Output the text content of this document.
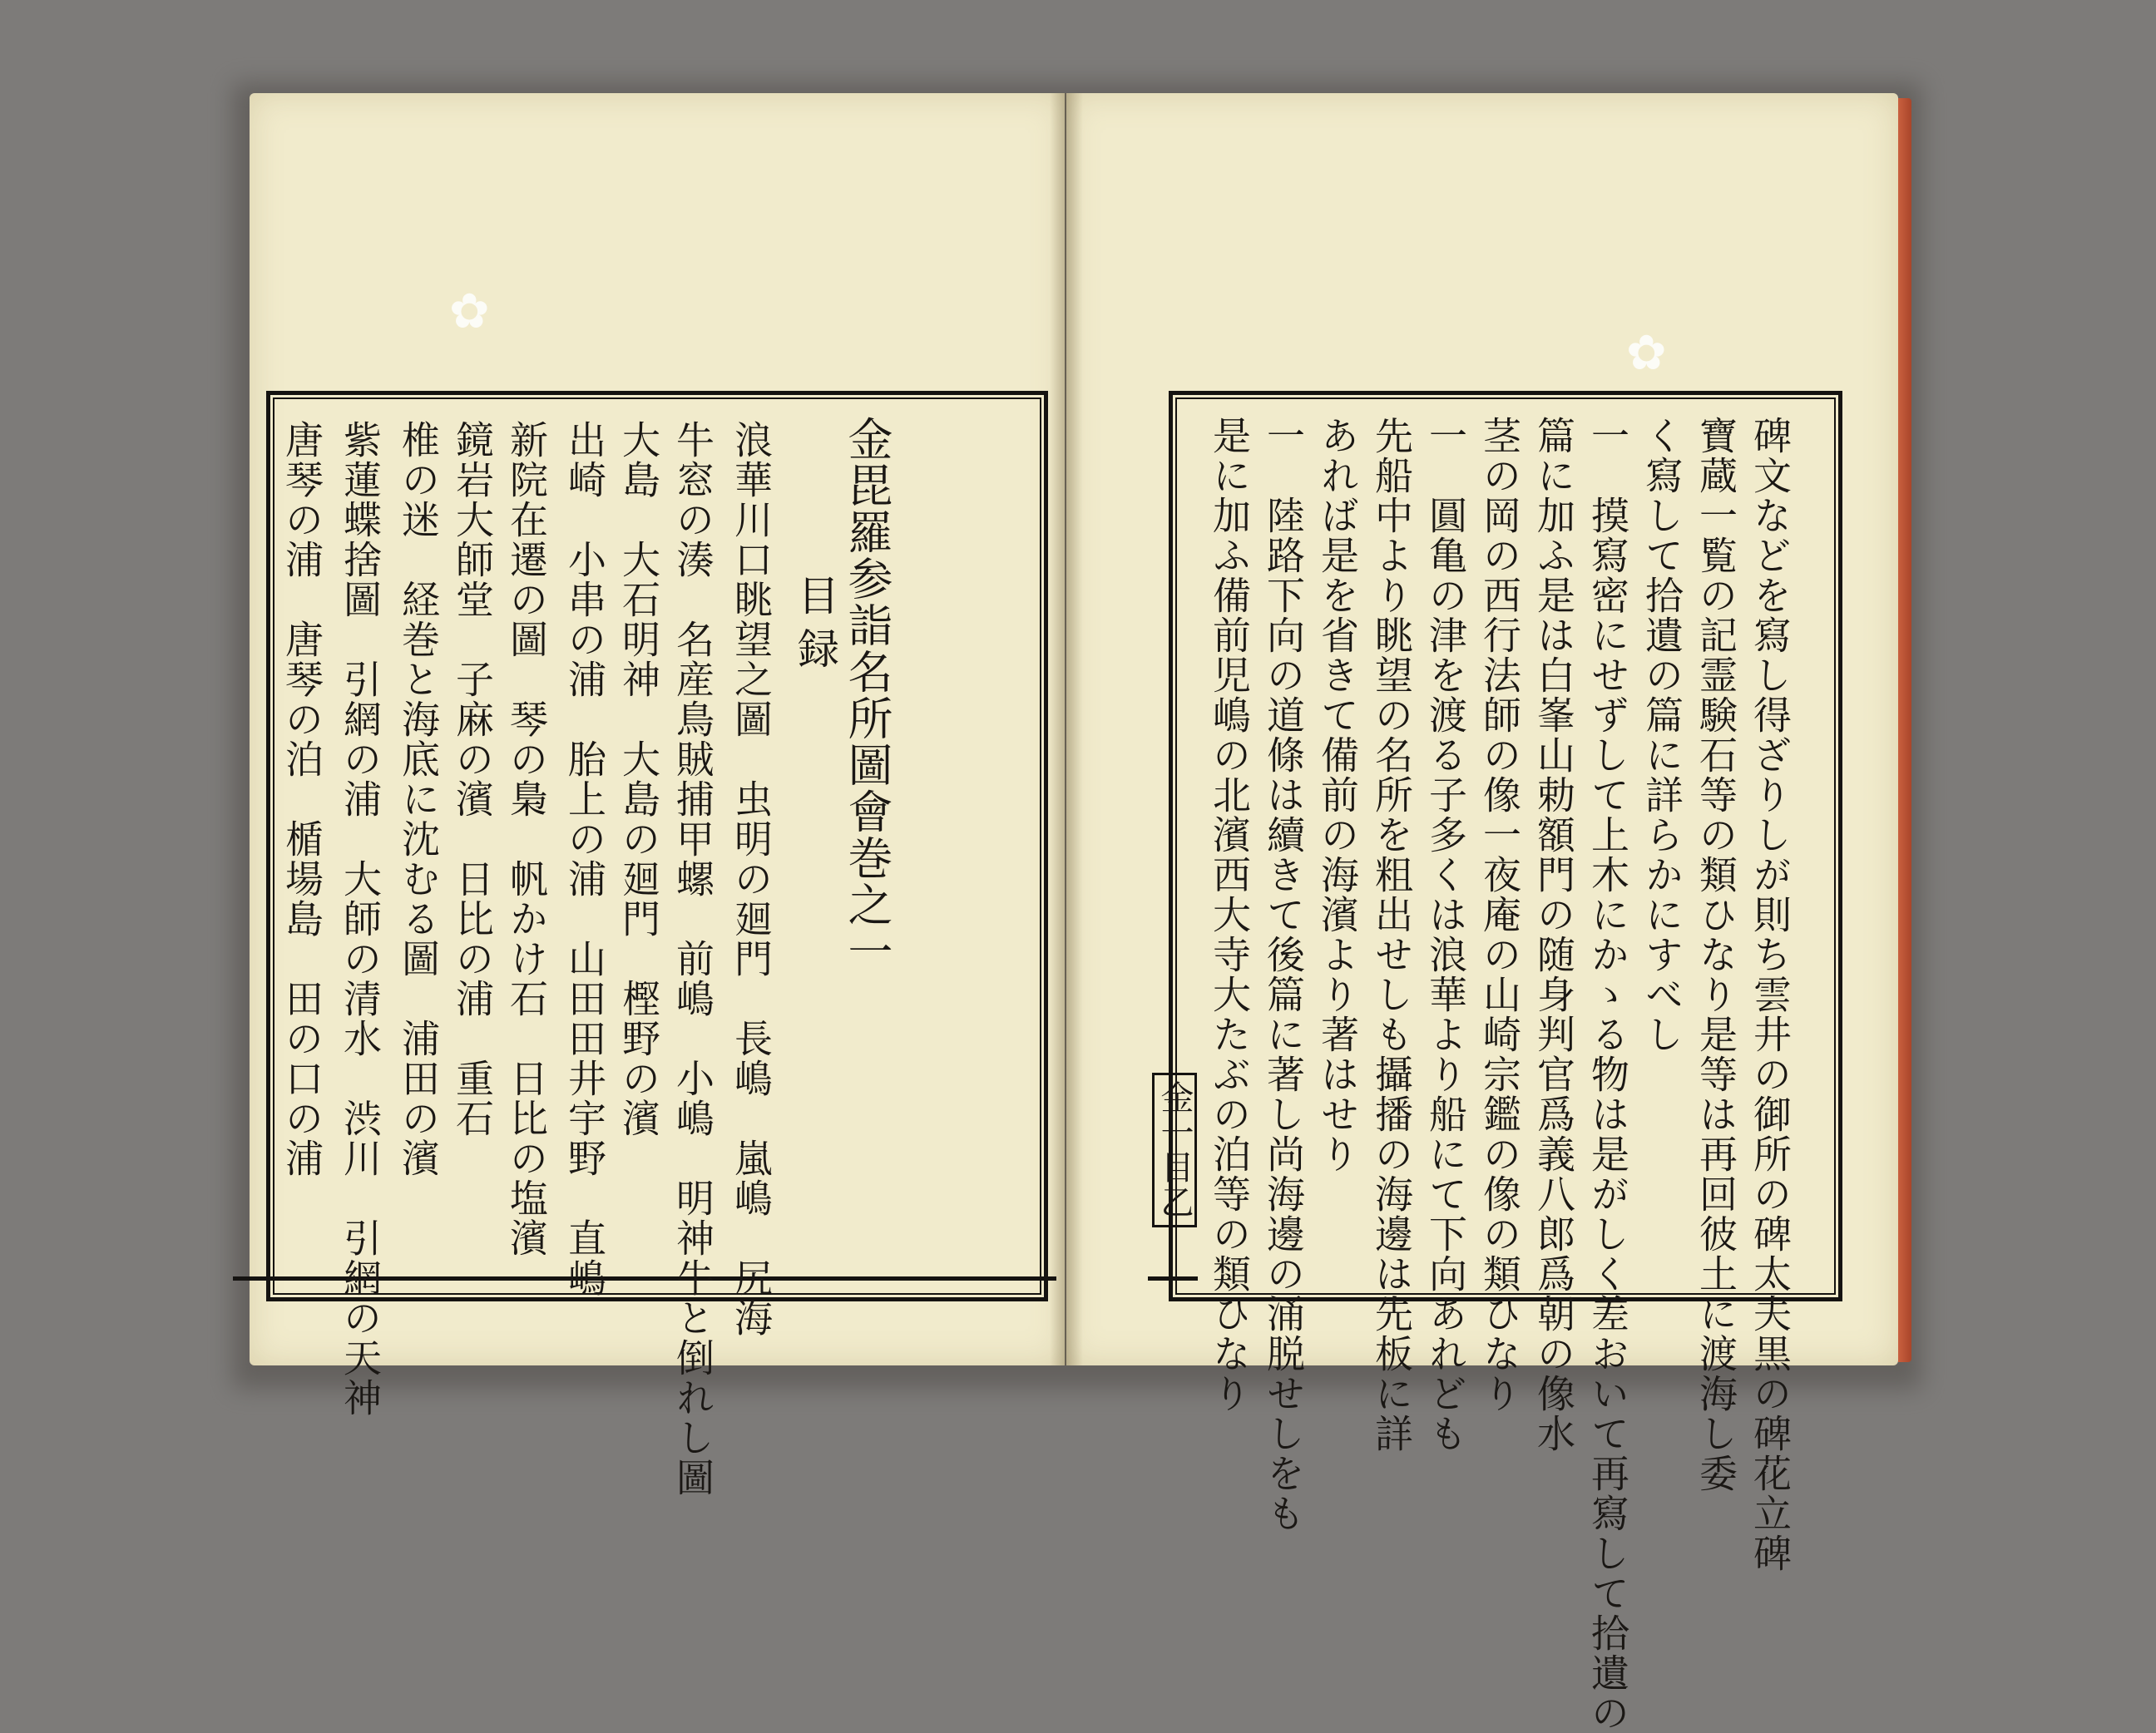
✿
✿
金毘羅参詣名所圖會巻之一
目録
浪華川口眺望之圖　虫明の廻門　長嶋　嵐嶋　尻海
牛窓の湊　名産鳥賊捕甲螺　前嶋　小嶋　明神牛と倒れし圖
大島　大石明神　大島の廻門　樫野の濱
出崎　小串の浦　胎上の浦　山田田井宇野　直嶋
新院在遷の圖　琴の梟　帆かけ石　日比の塩濱
鏡岩大師堂　子麻の濱　日比の浦　重石
椎の迷　経巻と海底に沈むる圖　浦田の濱
紫蓮蝶捨圖　引網の浦　大師の清水　渋川　引網の天神
唐琴の浦　唐琴の泊　楯場島　田の口の浦	碑文などを寫し得ざりしが則ち雲井の御所の碑太夫黒の碑花立碑
寶蔵一覧の記霊験石等の類ひなり是等は再回彼土に渡海し委
く寫して拾遺の篇に詳らかにすべし
一　摸寫密にせずして上木にかゝる物は是がしく差おいて再寫して拾遺の
篇に加ふ是は白峯山勅額門の随身判官爲義八郎爲朝の像水
茎の岡の西行法師の像一夜庵の山崎宗鑑の像の類ひなり
一　圓亀の津を渡る子多くは浪華より船にて下向あれども
先船中より眺望の名所を粗出せしも攝播の海邊は先板に詳
あれば是を省きて備前の海濱より著はせり
一　陸路下向の道條は續きて後篇に著し尚海邊の涌脱せしをも
是に加ふ備前児嶋の北濱西大寺大たぶの泊等の類ひなり
金一目乙
